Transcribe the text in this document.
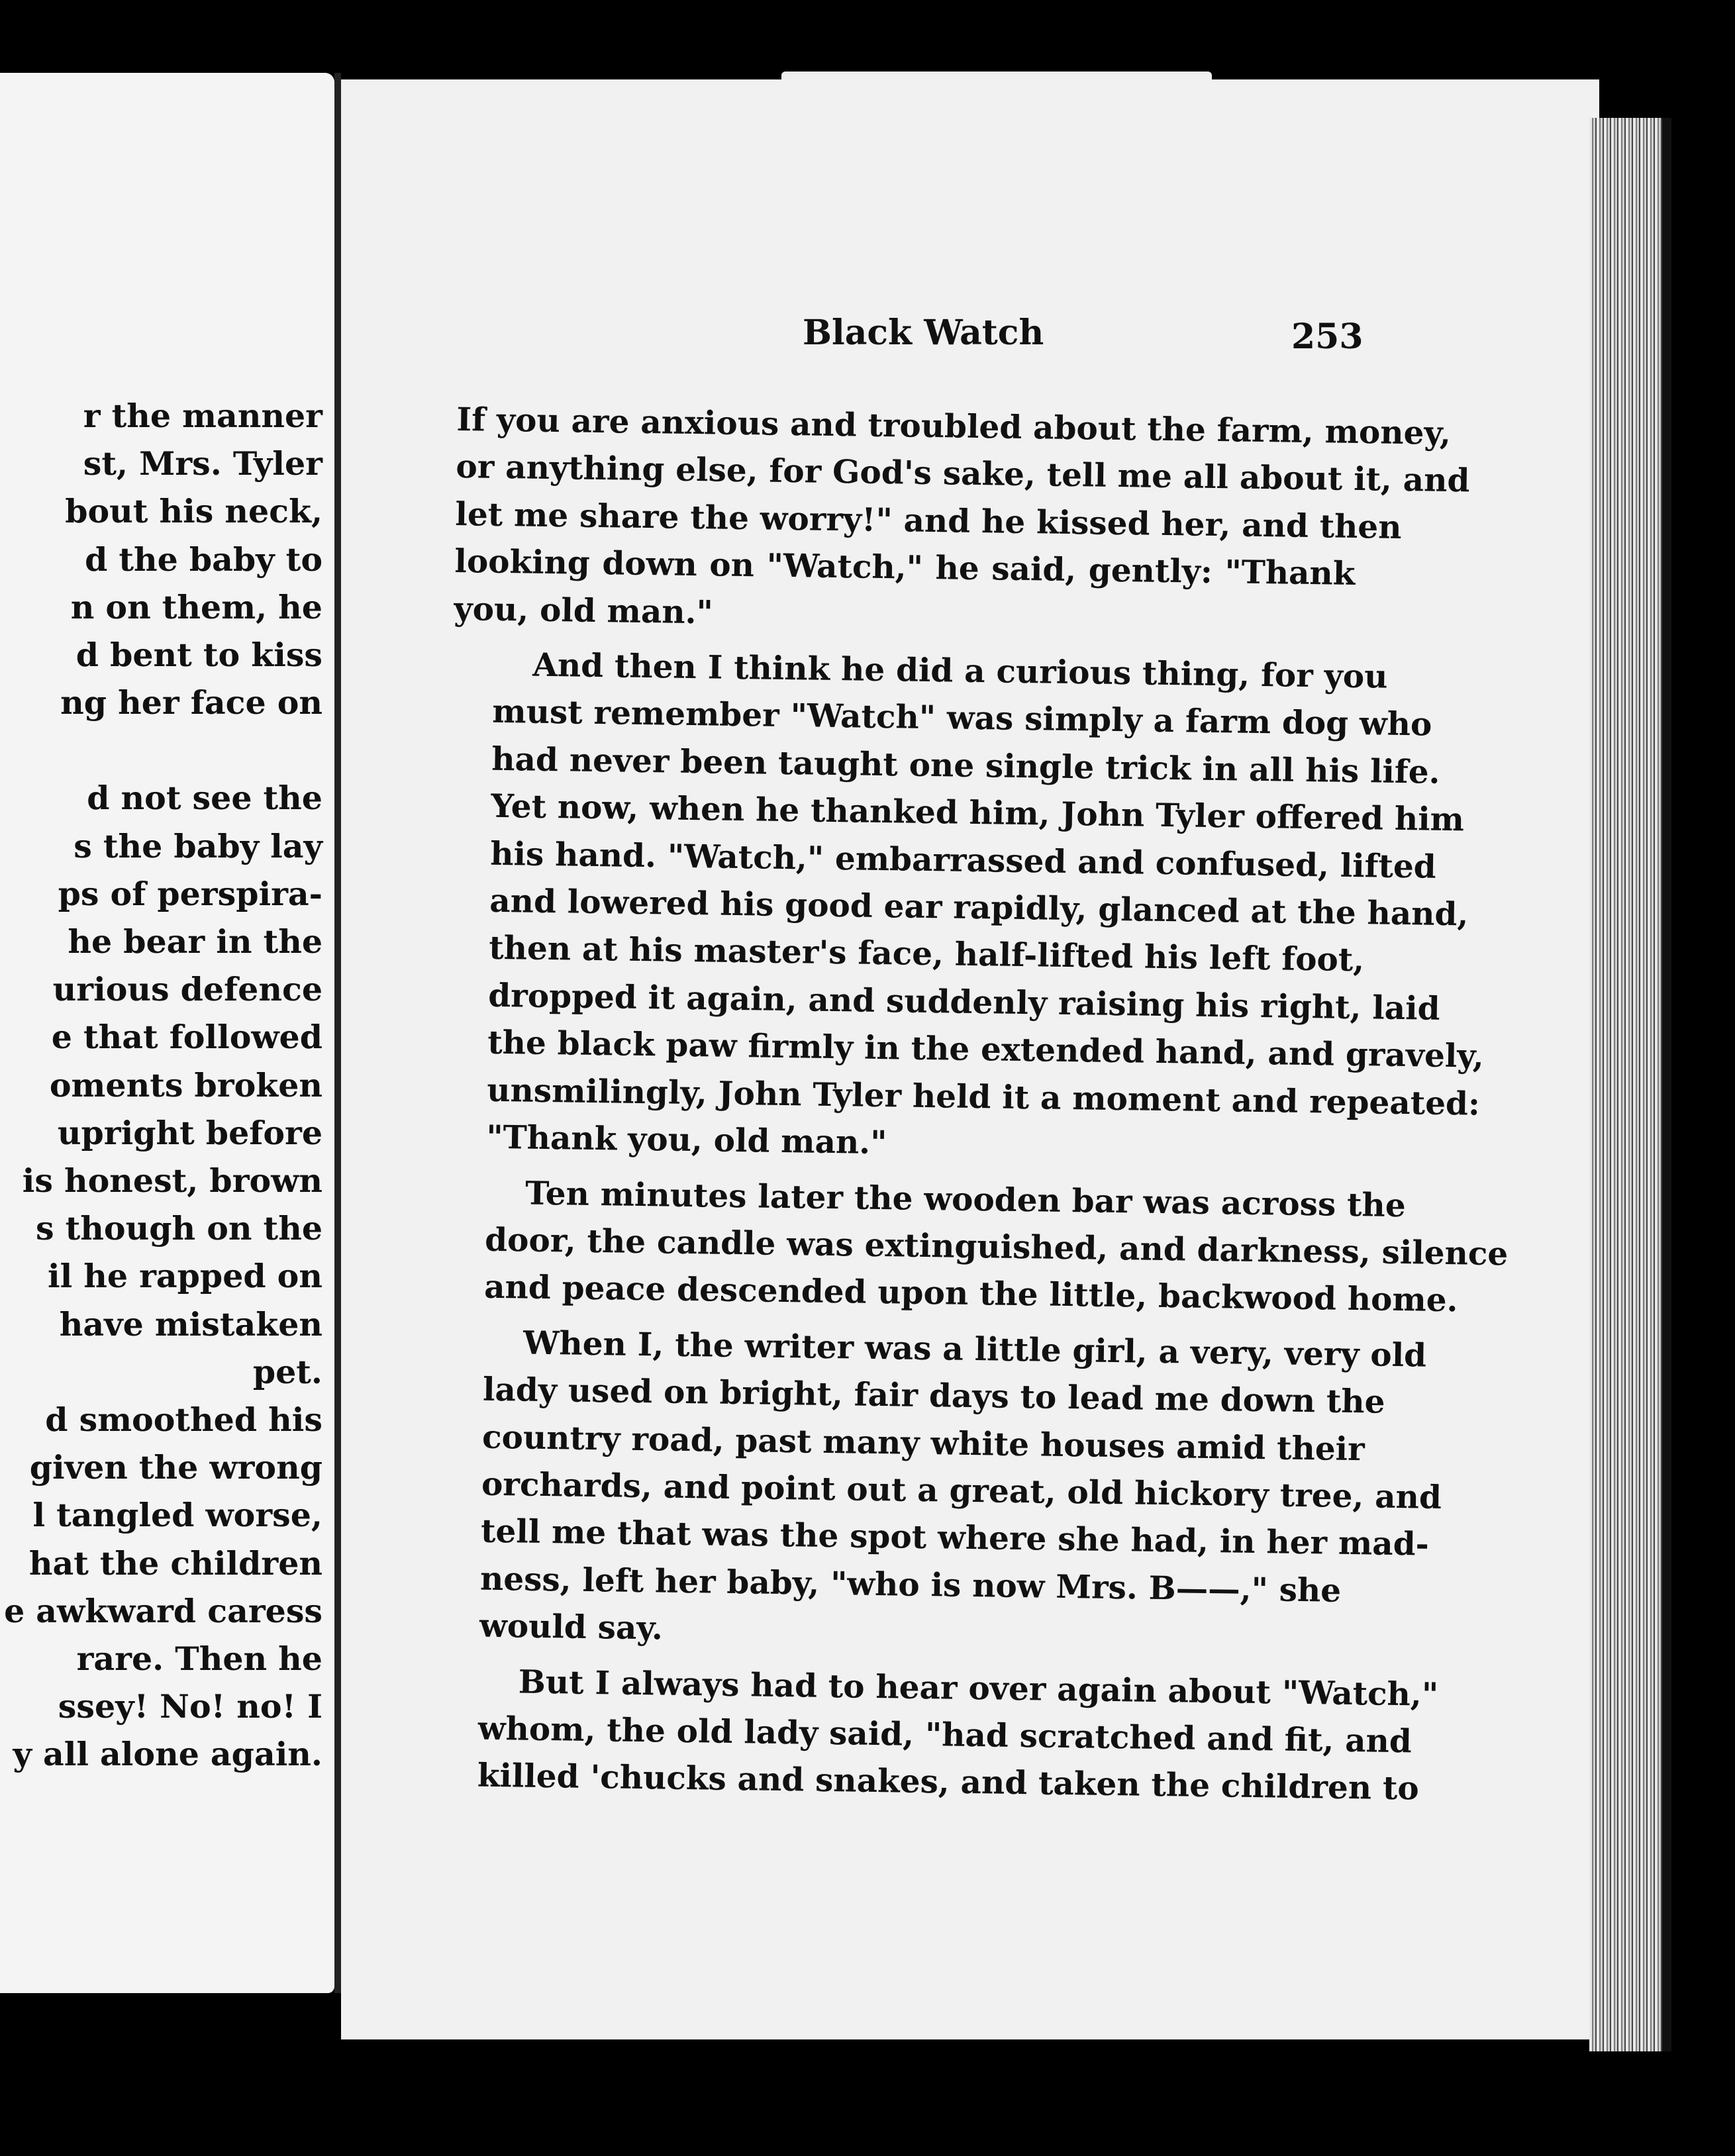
r the manner
st, Mrs. Tyler
bout his neck,
d the baby to
n on them, he
d bent to kiss
ng her face on
d not see the
s the baby lay
ps of perspira-
he bear in the
urious defence
e that followed
oments broken
upright before
is honest, brown
s though on the
il he rapped on
have mistaken
pet.
d smoothed his
given the wrong
l tangled worse,
hat the children
e awkward caress
rare. Then he
ssey! No! no! I
y all alone again.
Black Watch	253
If you are anxious and troubled about the farm, money,
or anything else, for God's sake, tell me all about it, and
let me share the worry!" and he kissed her, and then
looking down on "Watch," he said, gently: "Thank
you, old man."
And then I think he did a curious thing, for you
must remember "Watch" was simply a farm dog who
had never been taught one single trick in all his life.
Yet now, when he thanked him, John Tyler offered him
his hand. "Watch," embarrassed and confused, lifted
and lowered his good ear rapidly, glanced at the hand,
then at his master's face, half-lifted his left foot,
dropped it again, and suddenly raising his right, laid
the black paw firmly in the extended hand, and gravely,
unsmilingly, John Tyler held it a moment and repeated:
"Thank you, old man."
Ten minutes later the wooden bar was across the
door, the candle was extinguished, and darkness, silence
and peace descended upon the little, backwood home.
When I, the writer was a little girl, a very, very old
lady used on bright, fair days to lead me down the
country road, past many white houses amid their
orchards, and point out a great, old hickory tree, and
tell me that was the spot where she had, in her mad-
ness, left her baby, "who is now Mrs. B——," she
would say.
But I always had to hear over again about "Watch,"
whom, the old lady said, "had scratched and fit, and
killed 'chucks and snakes, and taken the children to
